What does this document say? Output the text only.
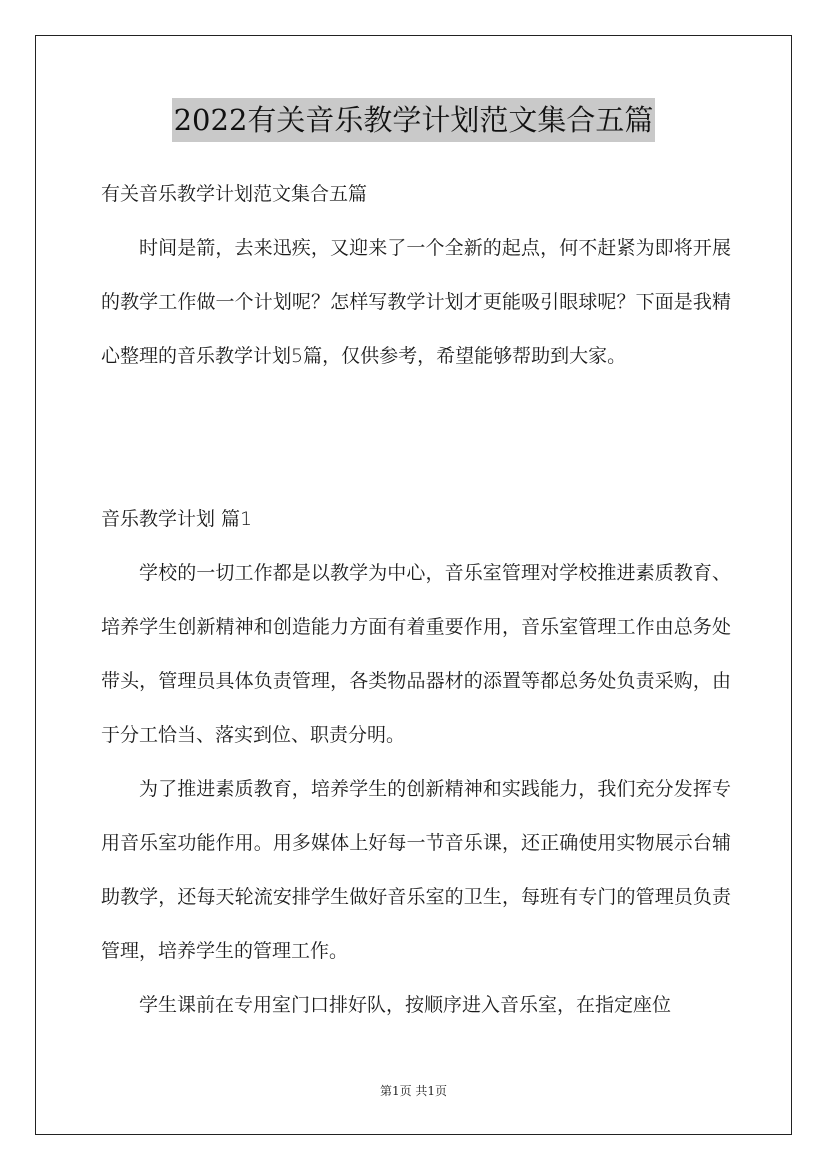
2022有关音乐教学计划范文集合五篇

有关音乐教学计划范文集合五篇

时间是箭，去来迅疾，又迎来了一个全新的起点，何不赶紧为即将开展的教学工作做一个计划呢？怎样写教学计划才更能吸引眼球呢？下面是我精心整理的音乐教学计划5篇，仅供参考，希望能够帮助到大家。

音乐教学计划 篇1

学校的一切工作都是以教学为中心，音乐室管理对学校推进素质教育、培养学生创新精神和创造能力方面有着重要作用，音乐室管理工作由总务处带头，管理员具体负责管理，各类物品器材的添置等都总务处负责采购，由于分工恰当、落实到位、职责分明。

为了推进素质教育，培养学生的创新精神和实践能力，我们充分发挥专用音乐室功能作用。用多媒体上好每一节音乐课，还正确使用实物展示台辅助教学，还每天轮流安排学生做好音乐室的卫生，每班有专门的管理员负责管理，培养学生的管理工作。

学生课前在专用室门口排好队，按顺序进入音乐室，在指定座位

第1页 共1页
